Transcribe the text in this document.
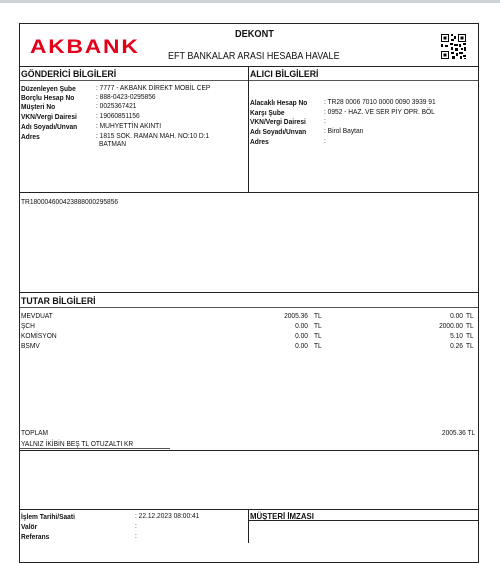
AKBANK
DEKONT
EFT BANKALAR ARASI HESABA HAVALE
GÖNDERİCİ BİLGİLERİ
Düzenleyen Şube	: 7777 - AKBANK DİREKT MOBİL CEP
Borçlu Hesap No	: 888-0423-0295856
Müşteri No	: 0025367421
VKN/Vergi Dairesi	: 19060851156
Adı Soyadı/Unvan	: MUHYETTİN AKINTI
Adres	: 1815 SOK. RAMAN MAH. NO:10 D:1
BATMAN
ALICI BİLGİLERİ
Alacaklı Hesap No : TR28 0006 7010 0000 0090 3939 91
Karşı Şube	: 0952 - HAZ. VE SER PİY OPR. BÖL
VKN/Vergi Dairesi	:
Adı Soyadı/Unvan : Birol Baytan
Adres	:
TR180004600423888000295856
TUTAR BİLGİLERİ
MEVDUAT	2005.36 TL	0.00 TL
ŞCH	0.00 TL	2000.00 TL
KOMİSYON	0.00 TL	5.10 TL
BSMV	0.00 TL	0.26 TL
TOPLAM	2005.36 TL
YALNIZ İKİBİN BEŞ TL OTUZALTI KR
İşlem Tarihi/Saati	: 22.12.2023 08:00:41
Valör	:
Referans	:
MÜŞTERİ İMZASI
